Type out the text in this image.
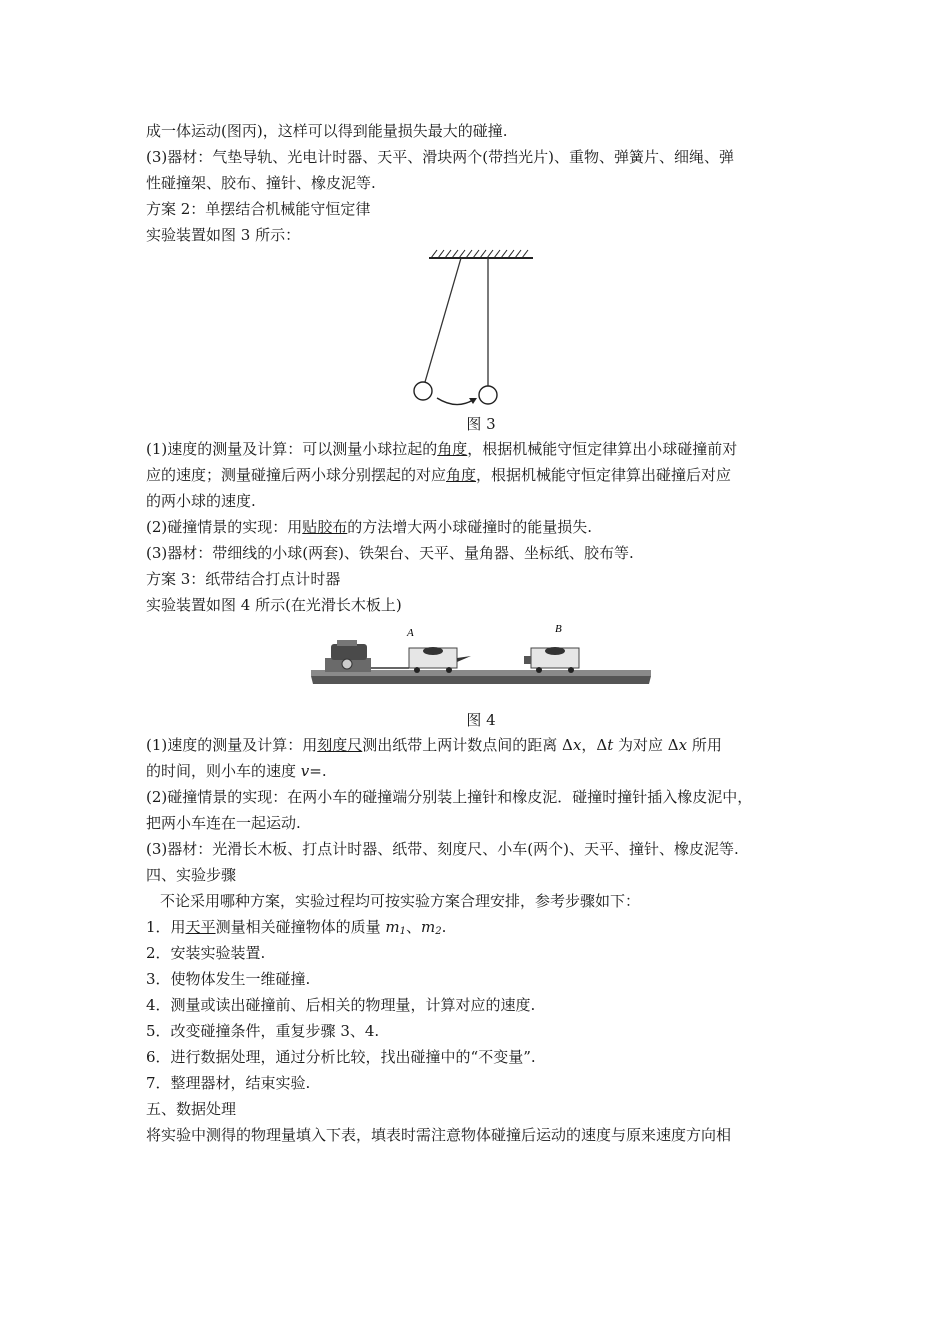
成一体运动(图丙)，这样可以得到能量损失最大的碰撞.
(3)器材：气垫导轨、光电计时器、天平、滑块两个(带挡光片)、重物、弹簧片、细绳、弹
性碰撞架、胶布、撞针、橡皮泥等.
方案 2：单摆结合机械能守恒定律
实验装置如图 3 所示：
图 3
(1)速度的测量及计算：可以测量小球拉起的角度，根据机械能守恒定律算出小球碰撞前对
应的速度；测量碰撞后两小球分别摆起的对应角度，根据机械能守恒定律算出碰撞后对应
的两小球的速度.
(2)碰撞情景的实现：用贴胶布的方法增大两小球碰撞时的能量损失.
(3)器材：带细线的小球(两套)、铁架台、天平、量角器、坐标纸、胶布等.
方案 3：纸带结合打点计时器
实验装置如图 4 所示(在光滑长木板上)
A	B
图 4
(1)速度的测量及计算：用刻度尺测出纸带上两计数点间的距离 Δx，Δt 为对应 Δx 所用
的时间，则小车的速度 v=.
(2)碰撞情景的实现：在两小车的碰撞端分别装上撞针和橡皮泥．碰撞时撞针插入橡皮泥中，
把两小车连在一起运动.
(3)器材：光滑长木板、打点计时器、纸带、刻度尺、小车(两个)、天平、撞针、橡皮泥等.
四、实验步骤
不论采用哪种方案，实验过程均可按实验方案合理安排，参考步骤如下：
1．用天平测量相关碰撞物体的质量 $m_1$、$m_2$.
2．安装实验装置.
3．使物体发生一维碰撞.
4．测量或读出碰撞前、后相关的物理量，计算对应的速度.
5．改变碰撞条件，重复步骤 3、4.
6．进行数据处理，通过分析比较，找出碰撞中的“不变量”.
7．整理器材，结束实验.
五、数据处理
将实验中测得的物理量填入下表，填表时需注意物体碰撞后运动的速度与原来速度方向相
